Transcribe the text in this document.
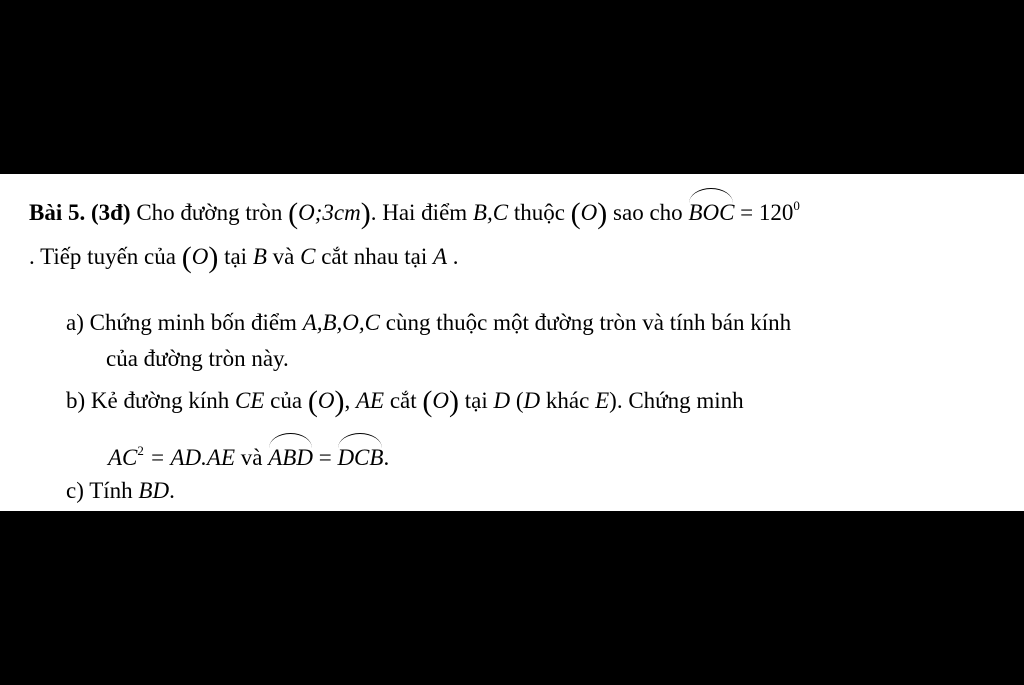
Bài 5. (3đ) Cho đường tròn (O;3cm). Hai điểm B,C thuộc (O) sao cho BOC = $120^0$
. Tiếp tuyến của (O) tại B và C cắt nhau tại A .
a) Chứng minh bốn điểm A,B,O,C cùng thuộc một đường tròn và tính bán kính
của đường tròn này.
b) Kẻ đường kính CE của (O), AE cắt (O) tại D (D khác E). Chứng minh
$AC^2 = AD.AE$ và ABD = DCB.
c) Tính BD.
